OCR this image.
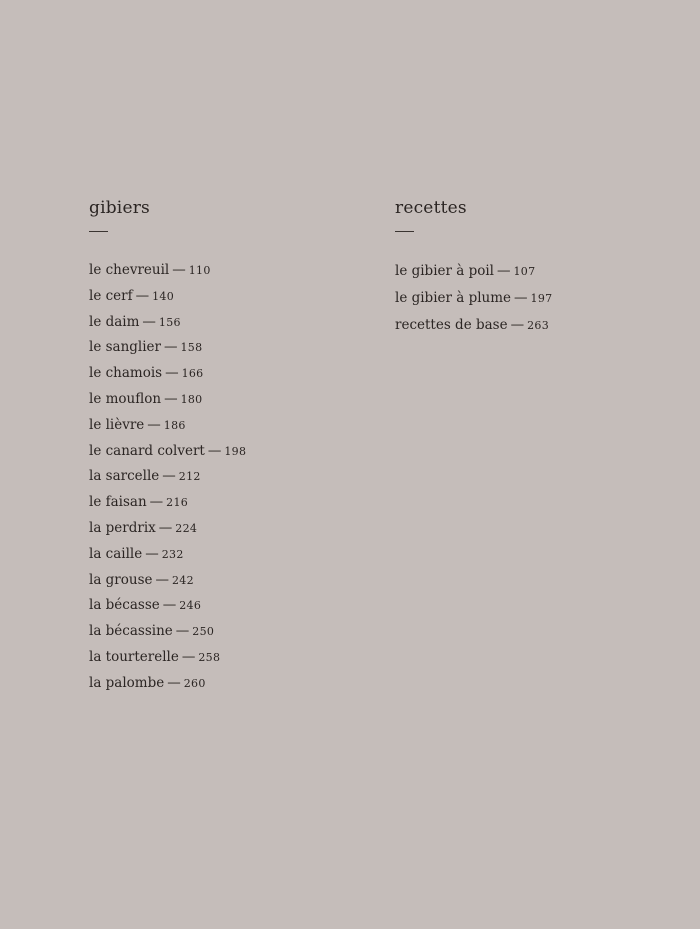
gibiers
le chevreuil — 110
le cerf — 140
le daim — 156
le sanglier — 158
le chamois — 166
le mouflon — 180
le lièvre — 186
le canard colvert — 198
la sarcelle — 212
le faisan — 216
la perdrix — 224
la caille — 232
la grouse — 242
la bécasse — 246
la bécassine — 250
la tourterelle — 258
la palombe — 260
recettes
le gibier à poil — 107
le gibier à plume — 197
recettes de base — 263
